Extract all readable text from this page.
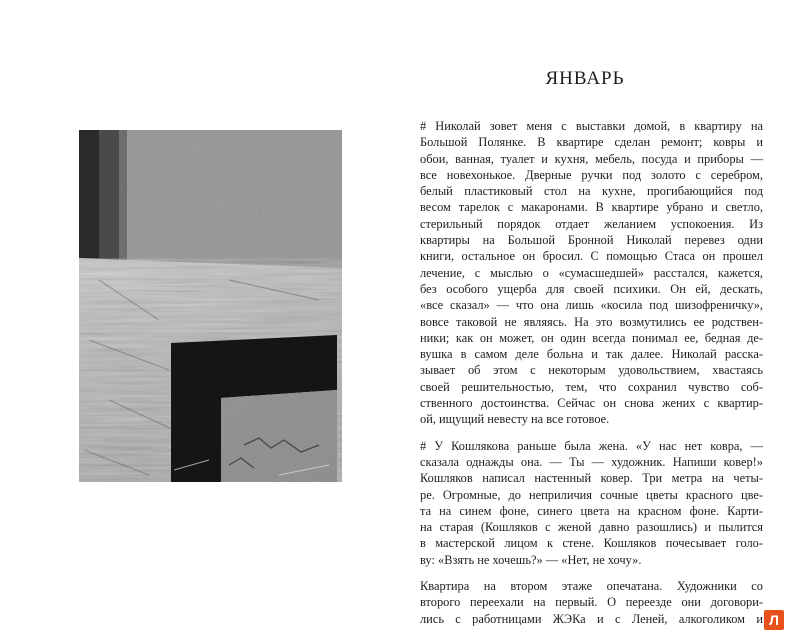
ЯНВАРЬ
# Николай зовет меня с выставки домой, в квартиру на
Большой Полянке. В квартире сделан ремонт; ковры и
обои, ванная, туалет и кухня, мебель, посуда и приборы —
все новехонькое. Дверные ручки под золото с серебром,
белый пластиковый стол на кухне, прогибающийся под
весом тарелок с макаронами. В квартире убрано и светло,
стерильный порядок отдает желанием успокоения. Из
квартиры на Большой Бронной Николай перевез одни
книги, остальное он бросил. С помощью Стаса он прошел
лечение, с мыслью о «сумасшедшей» расстался, кажется,
без особого ущерба для своей психики. Он ей, дескать,
«все сказал» — что она лишь «косила под шизофреничку»,
вовсе таковой не являясь. На это возмутились ее родствен-
ники; как он может, он один всегда понимал ее, бедная де-
вушка в самом деле больна и так далее. Николай расска-
зывает об этом с некоторым удовольствием, хвастаясь
своей решительностью, тем, что сохранил чувство соб-
ственного достоинства. Сейчас он снова жених с квартир-
ой, ищущий невесту на все готовое.
# У Кошлякова раньше была жена. «У нас нет ковра, —
сказала однажды она. — Ты — художник. Напиши ковер!»
Кошляков написал настенный ковер. Три метра на четы-
ре. Огромные, до неприличия сочные цветы красного цве-
та на синем фоне, синего цвета на красном фоне. Карти-
на старая (Кошляков с женой давно разошлись) и пылится
в мастерской лицом к стене. Кошляков почесывает голо-
ву: «Взять не хочешь?» — «Нет, не хочу».
Квартира на втором этаже опечатана. Художники со
второго переехали на первый. О переезде они договори-
лись с работницами ЖЭКа и с Леней, алкоголиком и Л
